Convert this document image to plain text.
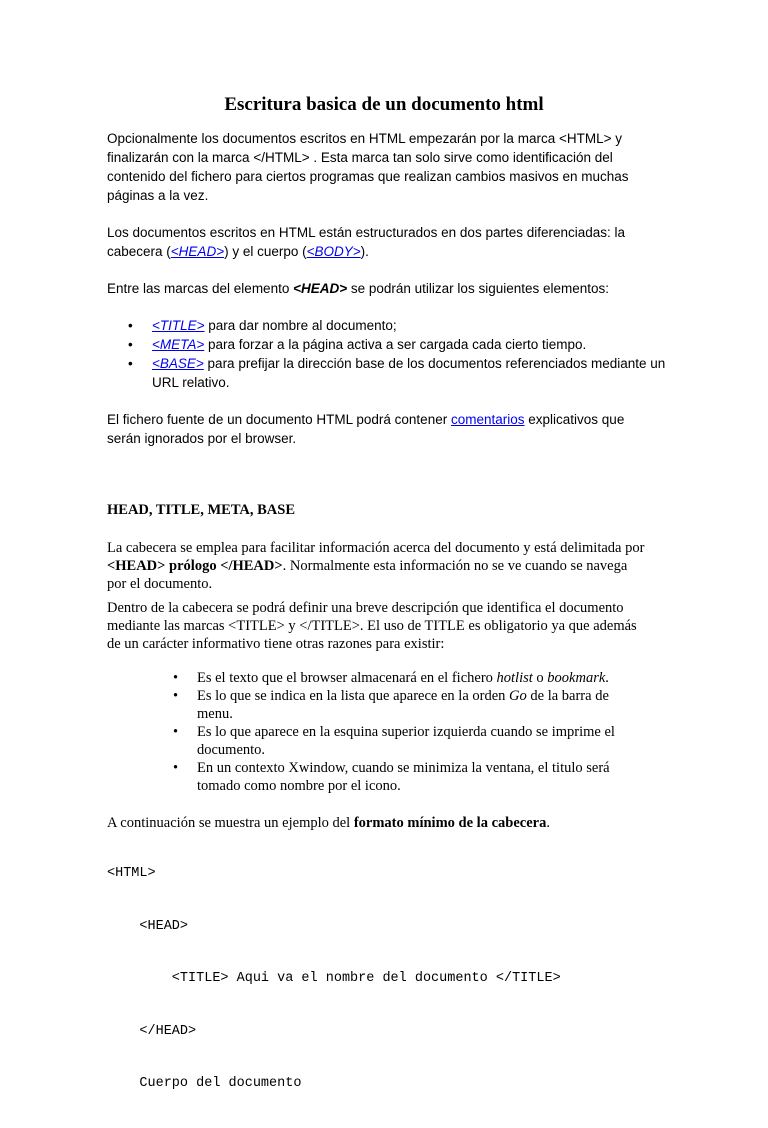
Escritura basica de un documento html

Opcionalmente los documentos escritos en HTML empezarán por la marca <HTML> y finalizarán con la marca </HTML> . Esta marca tan solo sirve como identificación del contenido del fichero para ciertos programas que realizan cambios masivos en muchas páginas a la vez.

Los documentos escritos en HTML están estructurados en dos partes diferenciadas: la cabecera (<HEAD>) y el cuerpo (<BODY>).

Entre las marcas del elemento <HEAD> se podrán utilizar los siguientes elementos:

• <TITLE> para dar nombre al documento;
• <META> para forzar a la página activa a ser cargada cada cierto tiempo.
• <BASE> para prefijar la dirección base de los documentos referenciados mediante un URL relativo.

El fichero fuente de un documento HTML podrá contener comentarios explicativos que serán ignorados por el browser.

HEAD, TITLE, META, BASE

La cabecera se emplea para facilitar información acerca del documento y está delimitada por <HEAD> prólogo </HEAD>. Normalmente esta información no se ve cuando se navega por el documento.

Dentro de la cabecera se podrá definir una breve descripción que identifica el documento mediante las marcas <TITLE> y </TITLE>. El uso de TITLE es obligatorio ya que además de un carácter informativo tiene otras razones para existir:

• Es el texto que el browser almacenará en el fichero hotlist o bookmark.
• Es lo que se indica en la lista que aparece en la orden Go de la barra de menu.
• Es lo que aparece en la esquina superior izquierda cuando se imprime el documento.
• En un contexto Xwindow, cuando se minimiza la ventana, el titulo será tomado como nombre por el icono.

A continuación se muestra un ejemplo del formato mínimo de la cabecera.

<HTML>

<HEAD>

<TITLE> Aqui va el nombre del documento </TITLE>

</HEAD>

Cuerpo del documento
